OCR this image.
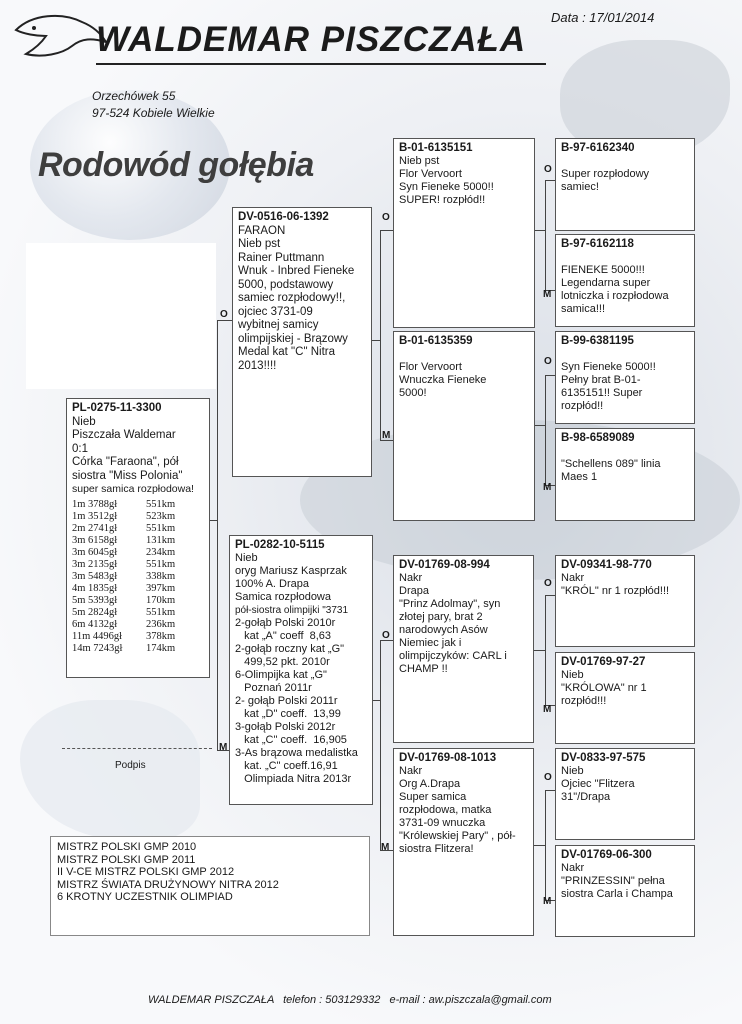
WALDEMAR PISZCZAŁA
Data : 17/01/2014
Orzechówek 55
97-524 Kobiele Wielkie
Rodowód gołębia
PL-0275-11-3300
Nieb
Piszczała Waldemar
0:1
Córka "Faraona", pół
siostra "Miss Polonia"
super samica rozpłodowa!
1m 3788gł	551km
1m 3512gł	523km
2m 2741gł	551km
3m 6158gł	131km
3m 6045gł	234km
3m 2135gł	551km
3m 5483gł	338km
4m 1835gł	397km
5m 5393gł	170km
5m 2824gł	551km
6m 4132gł	236km
11m 4496gł	378km
14m 7243gł	174km
DV-0516-06-1392
FARAON
Nieb pst
Rainer Puttmann
Wnuk - Inbred Fieneke
5000, podstawowy
samiec rozpłodowy!!,
ojciec 3731-09
wybitnej samicy
olimpijskiej - Brązowy
Medal kat "C" Nitra
2013!!!!
PL-0282-10-5115
Nieb
oryg Mariusz Kasprzak
100% A. Drapa
Samica rozpłodowa
pół-siostra olimpijki "3731
2-gołąb Polski 2010r
kat „A" coeff  8,63
2-gołąb roczny kat „G"
499,52 pkt. 2010r
6-Olimpijka kat „G"
Poznań 2011r
2- gołąb Polski 2011r
kat „D" coeff.  13,99
3-gołąb Polski 2012r
kat „C" coeff.  16,905
3-As brązowa medalistka
kat. „C" coeff.16,91
Olimpiada Nitra 2013r
B-01-6135151
Nieb pst
Flor Vervoort
Syn Fieneke 5000!!
SUPER! rozpłód!!
B-01-6135359

Flor Vervoort
Wnuczka Fieneke
5000!
DV-01769-08-994
Nakr
Drapa
"Prinz Adolmay", syn
złotej pary, brat 2
narodowych Asów
Niemiec jak i
olimpijczyków: CARL i
CHAMP !!
DV-01769-08-1013
Nakr
Org A.Drapa
Super samica
rozpłodowa, matka
3731-09 wnuczka
"Królewskiej Pary" , pół-
siostra Flitzera!
B-97-6162340

Super rozpłodowy
samiec!
B-97-6162118

FIENEKE 5000!!!
Legendarna super
lotniczka i rozpłodowa
samica!!!
B-99-6381195

Syn Fieneke 5000!!
Pełny brat B-01-
6135151!! Super
rozpłód!!
B-98-6589089

"Schellens 089" linia
Maes 1
DV-09341-98-770
Nakr
"KRÓL" nr 1 rozpłód!!!
DV-01769-97-27
Nieb
"KRÓLOWA" nr 1
rozpłód!!!
DV-0833-97-575
Nieb
Ojciec "Flitzera
31"/Drapa
DV-01769-06-300
Nakr
"PRINZESSIN" pełna
siostra Carla i Champa
O
M
O
M
O
M
O
M
O
M
O
M
O
M
Podpis
MISTRZ POLSKI GMP 2010
MISTRZ POLSKI GMP 2011
II V-CE MISTRZ POLSKI GMP 2012
MISTRZ ŚWIATA DRUŻYNOWY NITRA 2012
6 KROTNY UCZESTNIK OLIMPIAD
WALDEMAR PISZCZAŁA telefon : 503129332 e-mail : aw.piszczala@gmail.com
